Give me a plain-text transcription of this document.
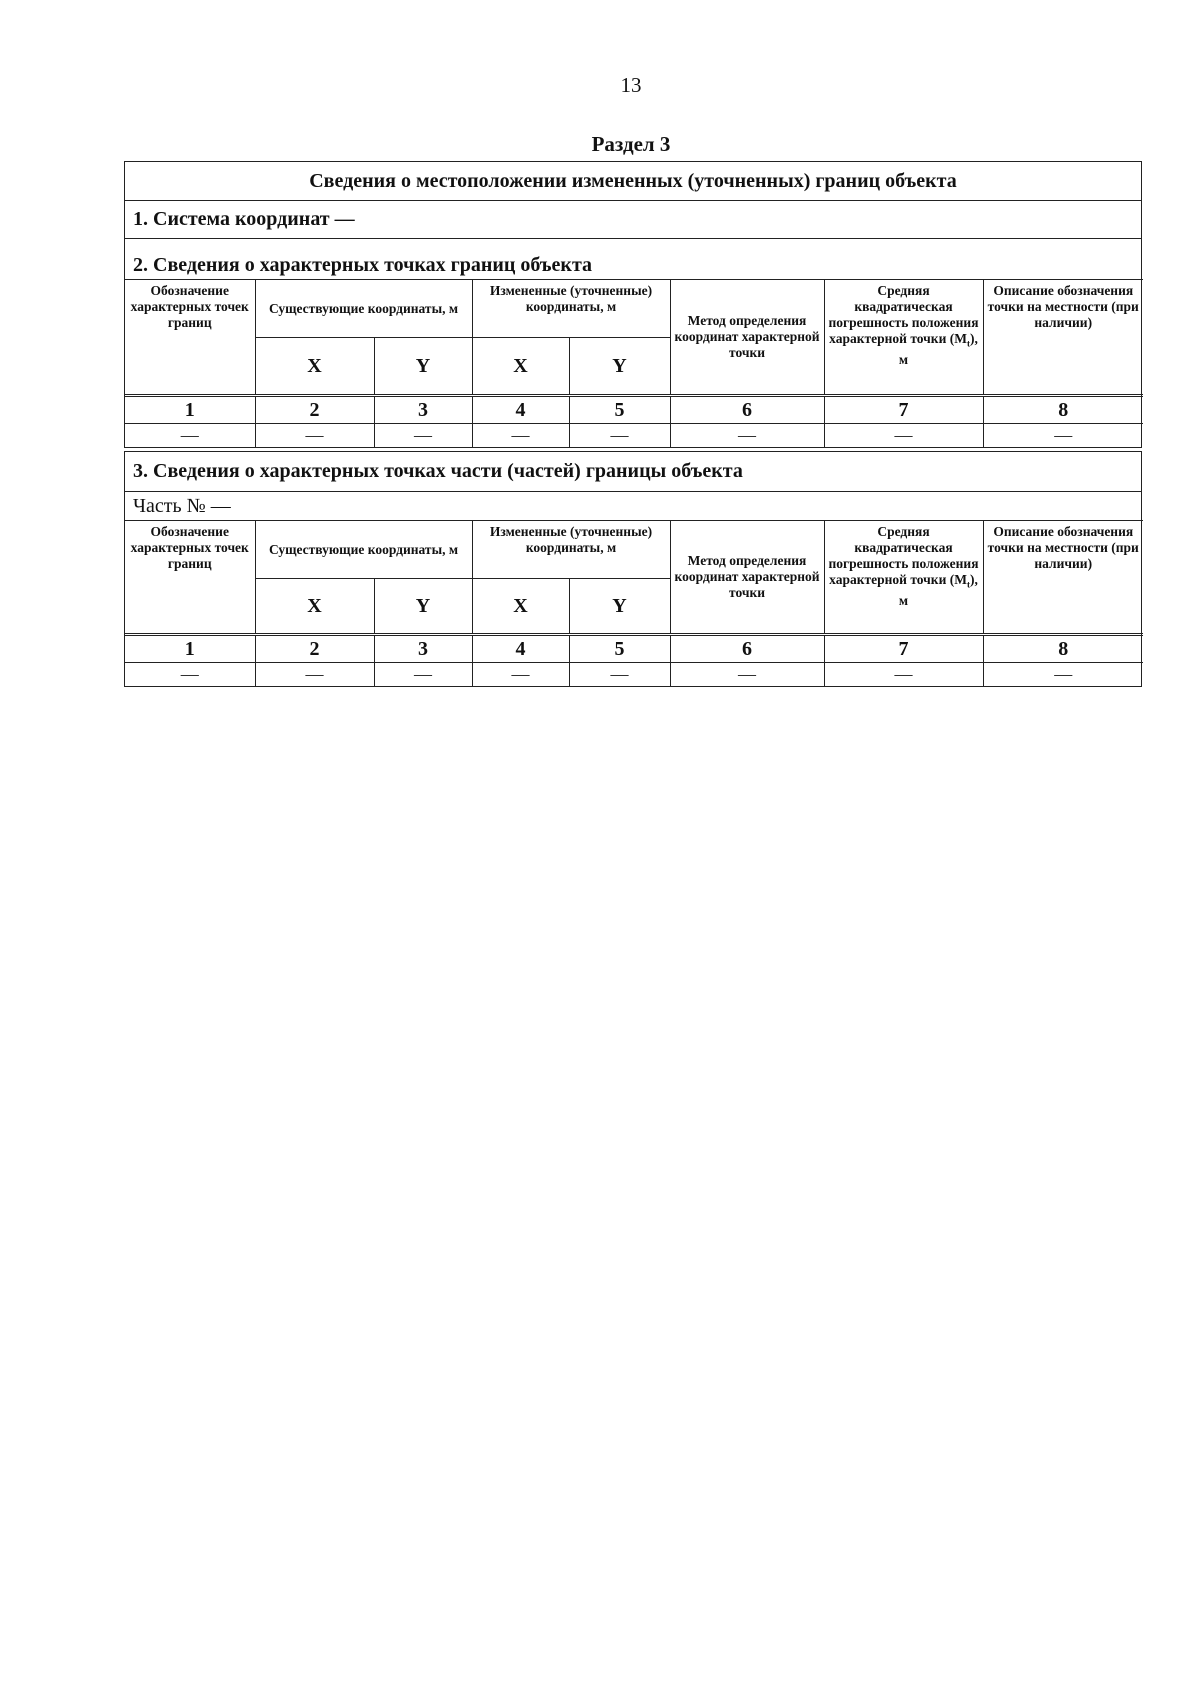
13
Раздел 3
Сведения о местоположении измененных (уточненных) границ объекта
1. Система координат —
2. Сведения о характерных точках границ объекта
Обозначение характерных точек границ	Существующие координаты, м		Измененные (уточненные) координаты, м		Метод определения координат характерной точки	Средняя квадратическая погрешность положения характерной точки $(M_t)$, м	Описание обозначения точки на местности (при наличии)
	X	Y	X	Y			
1	2	3	4	5	6	7	8
—	—	—	—	—	—	—	—
3. Сведения о характерных точках части (частей) границы объекта
Часть № —
Обозначение характерных точек границ	Существующие координаты, м		Измененные (уточненные) координаты, м		Метод определения координат характерной точки	Средняя квадратическая погрешность положения характерной точки $(M_t)$, м	Описание обозначения точки на местности (при наличии)
	X	Y	X	Y			
1	2	3	4	5	6	7	8
—	—	—	—	—	—	—	—
